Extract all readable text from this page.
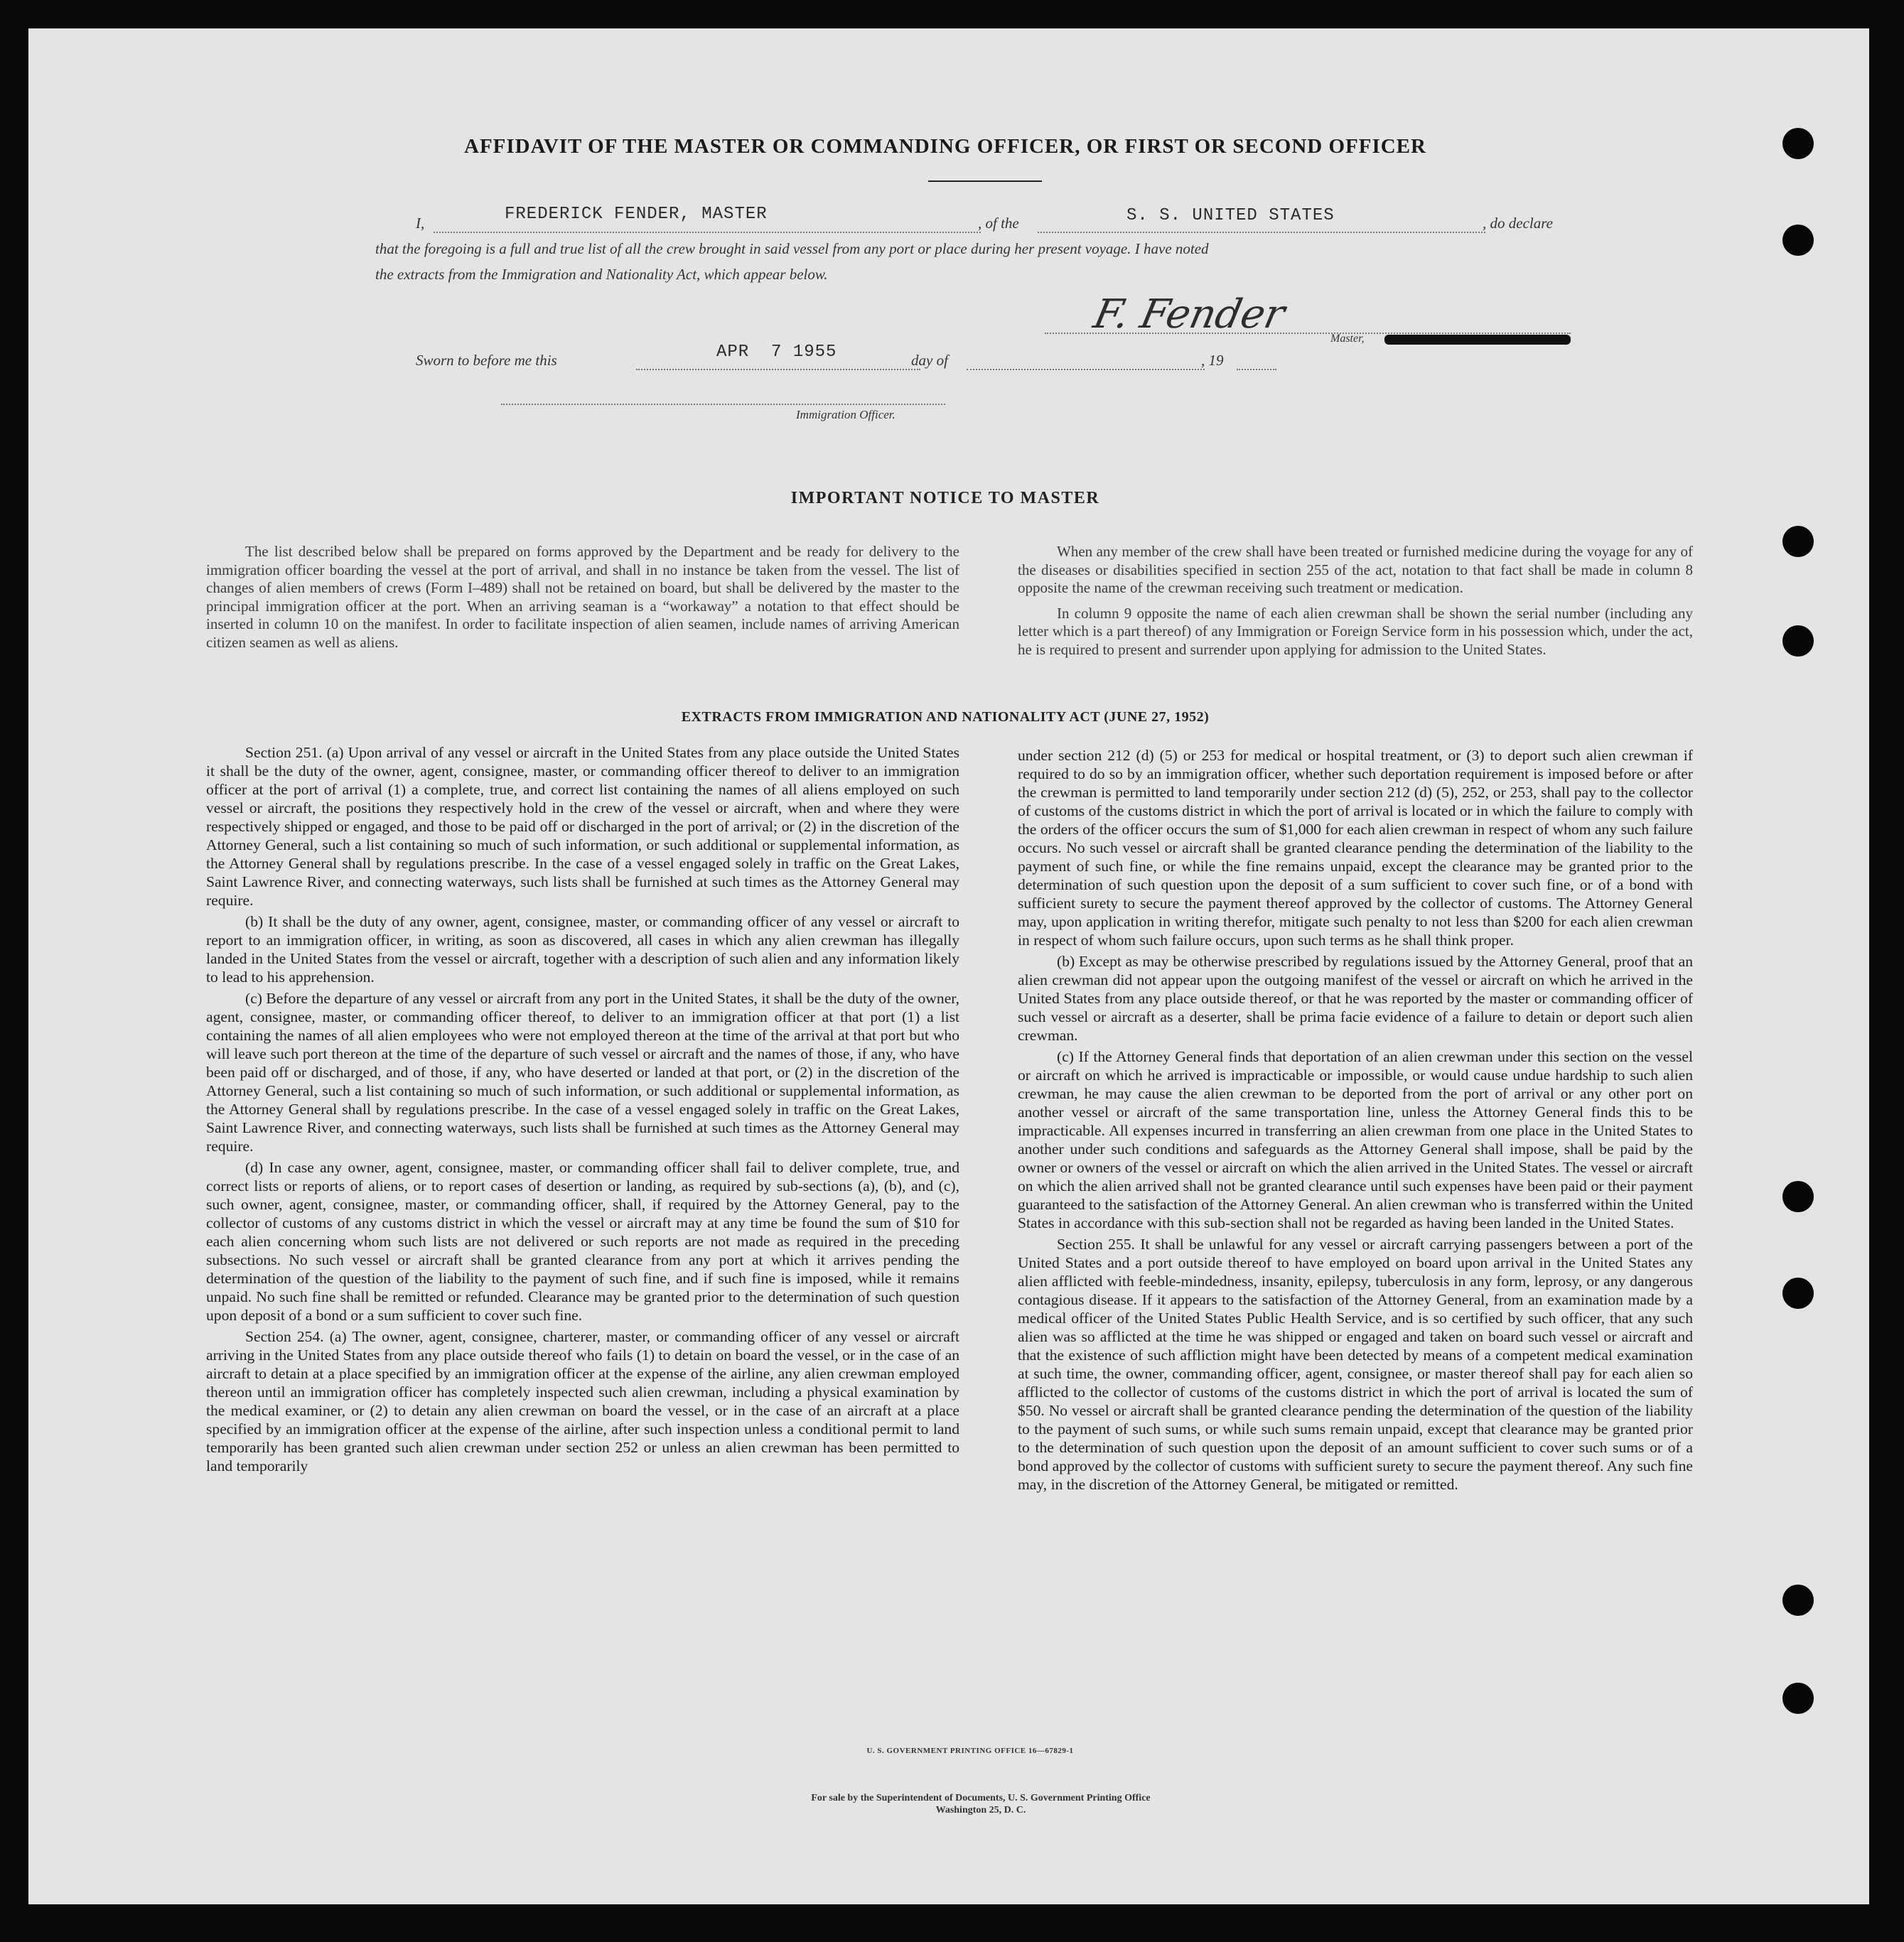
AFFIDAVIT OF THE MASTER OR COMMANDING OFFICER, OR FIRST OR SECOND OFFICER
I,	FREDERICK FENDER, MASTER	, of the	S. S. UNITED STATES	, do declare
that the foregoing is a full and true list of all the crew brought in said vessel from any port or place during her present voyage. I have noted
the extracts from the Immigration and Nationality Act, which appear below.
F. Fender
Master,
Sworn to before me this	APR  7 1955	day of	, 19
Immigration Officer.
IMPORTANT NOTICE TO MASTER

The list described below shall be prepared on forms approved by the Department and be ready for delivery to the immigration officer boarding the vessel at the port of arrival, and shall in no instance be taken from the vessel. The list of changes of alien members of crews (Form I–489) shall not be retained on board, but shall be delivered by the master to the principal immigration officer at the port. When an arriving seaman is a “workaway” a notation to that effect should be inserted in column 10 on the manifest. In order to facilitate inspection of alien seamen, include names of arriving American citizen seamen as well as aliens.

When any member of the crew shall have been treated or furnished medicine during the voyage for any of the diseases or disabilities specified in section 255 of the act, notation to that fact shall be made in column 8 opposite the name of the crewman receiving such treatment or medication.

In column 9 opposite the name of each alien crewman shall be shown the serial number (including any letter which is a part thereof) of any Immigration or Foreign Service form in his possession which, under the act, he is required to present and surrender upon applying for admission to the United States.

EXTRACTS FROM IMMIGRATION AND NATIONALITY ACT (JUNE 27, 1952)

Section 251. (a) Upon arrival of any vessel or aircraft in the United States from any place outside the United States it shall be the duty of the owner, agent, consignee, master, or commanding officer thereof to deliver to an immigration officer at the port of arrival (1) a complete, true, and correct list containing the names of all aliens employed on such vessel or aircraft, the positions they respectively hold in the crew of the vessel or aircraft, when and where they were respectively shipped or engaged, and those to be paid off or discharged in the port of arrival; or (2) in the discretion of the Attorney General, such a list containing so much of such information, or such additional or supplemental information, as the Attorney General shall by regulations prescribe. In the case of a vessel engaged solely in traffic on the Great Lakes, Saint Lawrence River, and connecting waterways, such lists shall be furnished at such times as the Attorney General may require.

(b) It shall be the duty of any owner, agent, consignee, master, or commanding officer of any vessel or aircraft to report to an immigration officer, in writing, as soon as discovered, all cases in which any alien crewman has illegally landed in the United States from the vessel or aircraft, together with a description of such alien and any information likely to lead to his apprehension.

(c) Before the departure of any vessel or aircraft from any port in the United States, it shall be the duty of the owner, agent, consignee, master, or commanding officer thereof, to deliver to an immigration officer at that port (1) a list containing the names of all alien employees who were not employed thereon at the time of the arrival at that port but who will leave such port thereon at the time of the departure of such vessel or aircraft and the names of those, if any, who have been paid off or discharged, and of those, if any, who have deserted or landed at that port, or (2) in the discretion of the Attorney General, such a list containing so much of such information, or such additional or supplemental information, as the Attorney General shall by regulations prescribe. In the case of a vessel engaged solely in traffic on the Great Lakes, Saint Lawrence River, and connecting waterways, such lists shall be furnished at such times as the Attorney General may require.

(d) In case any owner, agent, consignee, master, or commanding officer shall fail to deliver complete, true, and correct lists or reports of aliens, or to report cases of desertion or landing, as required by sub-sections (a), (b), and (c), such owner, agent, consignee, master, or commanding officer, shall, if required by the Attorney General, pay to the collector of customs of any customs district in which the vessel or aircraft may at any time be found the sum of $10 for each alien concerning whom such lists are not delivered or such reports are not made as required in the preceding subsections. No such vessel or aircraft shall be granted clearance from any port at which it arrives pending the determination of the question of the liability to the payment of such fine, and if such fine is imposed, while it remains unpaid. No such fine shall be remitted or refunded. Clearance may be granted prior to the determination of such question upon deposit of a bond or a sum sufficient to cover such fine.

Section 254. (a) The owner, agent, consignee, charterer, master, or commanding officer of any vessel or aircraft arriving in the United States from any place outside thereof who fails (1) to detain on board the vessel, or in the case of an aircraft to detain at a place specified by an immigration officer at the expense of the airline, any alien crewman employed thereon until an immigration officer has completely inspected such alien crewman, including a physical examination by the medical examiner, or (2) to detain any alien crewman on board the vessel, or in the case of an aircraft at a place specified by an immigration officer at the expense of the airline, after such inspection unless a conditional permit to land temporarily has been granted such alien crewman under section 252 or unless an alien crewman has been permitted to land temporarily

under section 212 (d) (5) or 253 for medical or hospital treatment, or (3) to deport such alien crewman if required to do so by an immigration officer, whether such deportation requirement is imposed before or after the crewman is permitted to land temporarily under section 212 (d) (5), 252, or 253, shall pay to the collector of customs of the customs district in which the port of arrival is located or in which the failure to comply with the orders of the officer occurs the sum of $1,000 for each alien crewman in respect of whom any such failure occurs. No such vessel or aircraft shall be granted clearance pending the determination of the liability to the payment of such fine, or while the fine remains unpaid, except the clearance may be granted prior to the determination of such question upon the deposit of a sum sufficient to cover such fine, or of a bond with sufficient surety to secure the payment thereof approved by the collector of customs. The Attorney General may, upon application in writing therefor, mitigate such penalty to not less than $200 for each alien crewman in respect of whom such failure occurs, upon such terms as he shall think proper.

(b) Except as may be otherwise prescribed by regulations issued by the Attorney General, proof that an alien crewman did not appear upon the outgoing manifest of the vessel or aircraft on which he arrived in the United States from any place outside thereof, or that he was reported by the master or commanding officer of such vessel or aircraft as a deserter, shall be prima facie evidence of a failure to detain or deport such alien crewman.

(c) If the Attorney General finds that deportation of an alien crewman under this section on the vessel or aircraft on which he arrived is impracticable or impossible, or would cause undue hardship to such alien crewman, he may cause the alien crewman to be deported from the port of arrival or any other port on another vessel or aircraft of the same transportation line, unless the Attorney General finds this to be impracticable. All expenses incurred in transferring an alien crewman from one place in the United States to another under such conditions and safeguards as the Attorney General shall impose, shall be paid by the owner or owners of the vessel or aircraft on which the alien arrived in the United States. The vessel or aircraft on which the alien arrived shall not be granted clearance until such expenses have been paid or their payment guaranteed to the satisfaction of the Attorney General. An alien crewman who is transferred within the United States in accordance with this sub-section shall not be regarded as having been landed in the United States.

Section 255. It shall be unlawful for any vessel or aircraft carrying passengers between a port of the United States and a port outside thereof to have employed on board upon arrival in the United States any alien afflicted with feeble-mindedness, insanity, epilepsy, tuberculosis in any form, leprosy, or any dangerous contagious disease. If it appears to the satisfaction of the Attorney General, from an examination made by a medical officer of the United States Public Health Service, and is so certified by such officer, that any such alien was so afflicted at the time he was shipped or engaged and taken on board such vessel or aircraft and that the existence of such affliction might have been detected by means of a competent medical examination at such time, the owner, commanding officer, agent, consignee, or master thereof shall pay for each alien so afflicted to the collector of customs of the customs district in which the port of arrival is located the sum of $50. No vessel or aircraft shall be granted clearance pending the determination of the question of the liability to the payment of such sums, or while such sums remain unpaid, except that clearance may be granted prior to the determination of such question upon the deposit of an amount sufficient to cover such sums or of a bond approved by the collector of customs with sufficient surety to secure the payment thereof. Any such fine may, in the discretion of the Attorney General, be mitigated or remitted.

U. S. GOVERNMENT PRINTING OFFICE 16—67829-1
For sale by the Superintendent of Documents, U. S. Government Printing Office
Washington 25, D. C.
